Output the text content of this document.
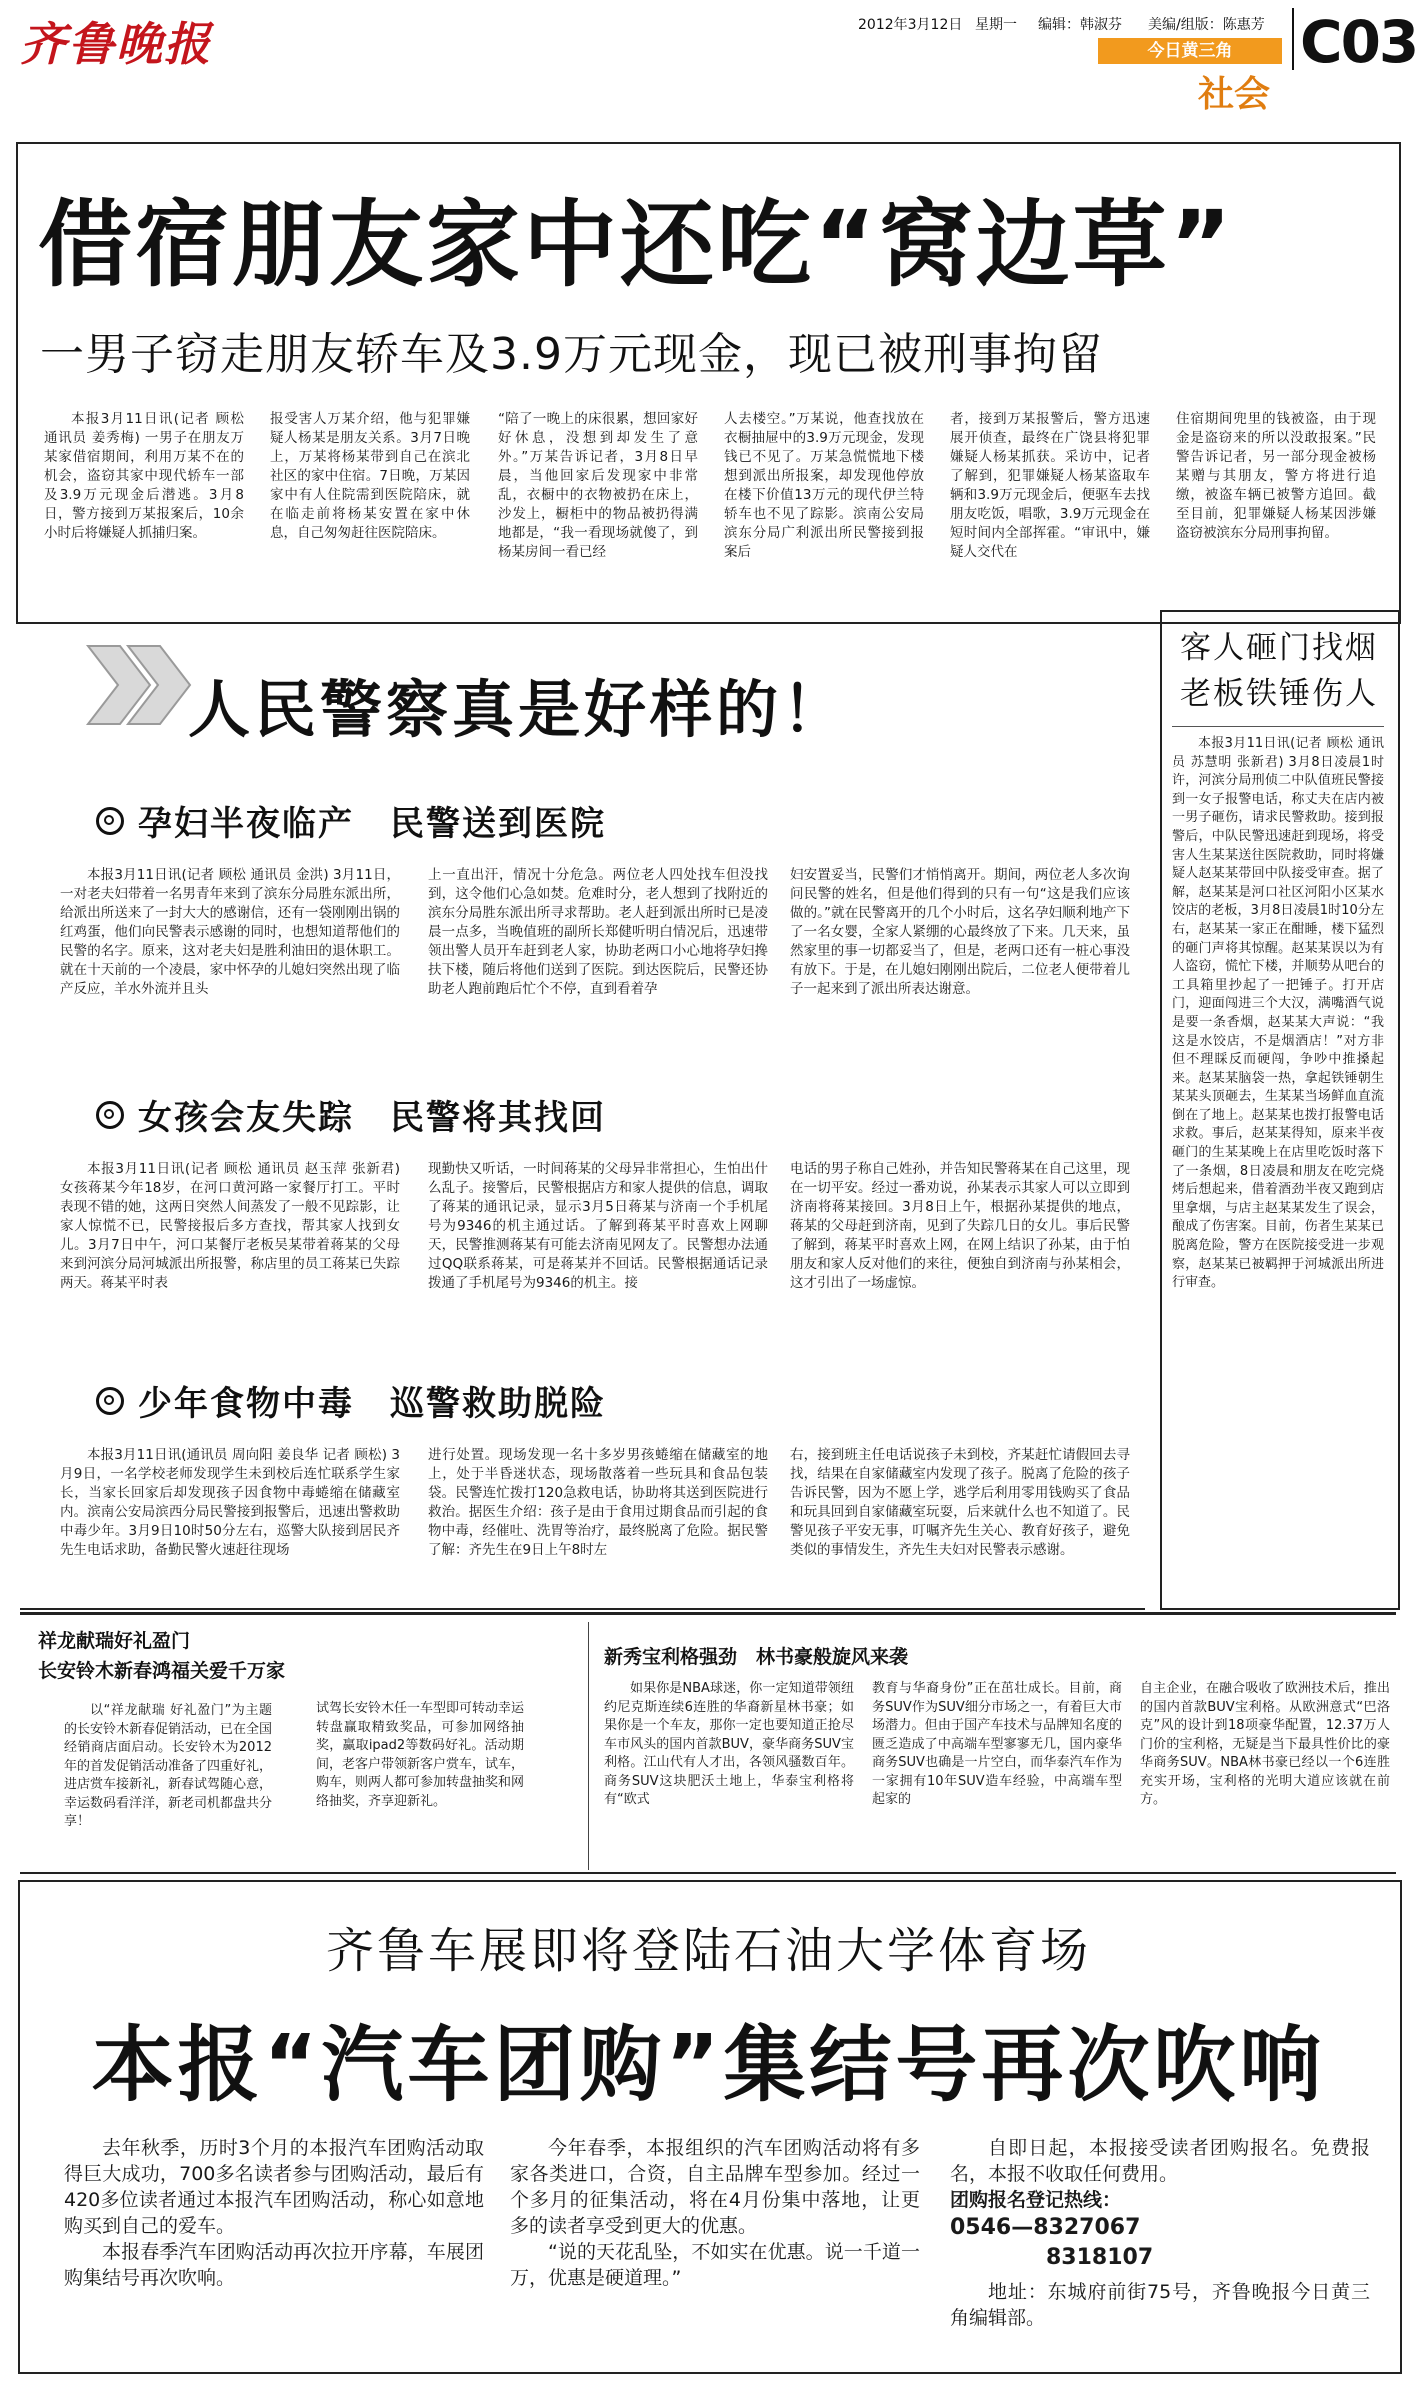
齐鲁晚报	2012年3月12日 星期一 编辑：韩淑芬 美编/组版：陈惠芳
今日黄三角
社会
C03
借宿朋友家中还吃“窝边草”
一男子窃走朋友轿车及3.9万元现金，现已被刑事拘留

本报3月11日讯(记者 顾松 通讯员 姜秀梅) 一男子在朋友万某家借宿期间，利用万某不在的机会，盗窃其家中现代轿车一部及3.9万元现金后潜逃。3月8日，警方接到万某报案后，10余小时后将嫌疑人抓捕归案。

报受害人万某介绍，他与犯罪嫌疑人杨某是朋友关系。3月7日晚上，万某将杨某带到自己在滨北社区的家中住宿。7日晚，万某因家中有人住院需到医院陪床，就在临走前将杨某安置在家中休息，自己匆匆赶往医院陪床。

“陪了一晚上的床很累，想回家好好休息，没想到却发生了意外。”万某告诉记者，3月8日早晨，当他回家后发现家中非常乱，衣橱中的衣物被扔在床上，沙发上，橱柜中的物品被扔得满地都是，“我一看现场就傻了，到杨某房间一看已经

人去楼空。”万某说，他查找放在衣橱抽屉中的3.9万元现金，发现钱已不见了。万某急慌慌地下楼想到派出所报案，却发现他停放在楼下价值13万元的现代伊兰特轿车也不见了踪影。滨南公安局滨东分局广利派出所民警接到报案后

者，接到万某报警后，警方迅速展开侦查，最终在广饶县将犯罪嫌疑人杨某抓获。采访中，记者了解到，犯罪嫌疑人杨某盗取车辆和3.9万元现金后，便驱车去找朋友吃饭，唱歌，3.9万元现金在短时间内全部挥霍。“审讯中，嫌疑人交代在

住宿期间兜里的钱被盗，由于现金是盗窃来的所以没敢报案。”民警告诉记者，另一部分现金被杨某赠与其朋友，警方将进行追缴，被盗车辆已被警方追回。截至目前，犯罪嫌疑人杨某因涉嫌盗窃被滨东分局刑事拘留。

人民警察真是好样的！
孕妇半夜临产　民警送到医院

本报3月11日讯(记者 顾松 通讯员 金洪) 3月11日，一对老夫妇带着一名男青年来到了滨东分局胜东派出所，给派出所送来了一封大大的感谢信，还有一袋刚刚出锅的红鸡蛋，他们向民警表示感谢的同时，也想知道帮他们的民警的名字。原来，这对老夫妇是胜利油田的退休职工。就在十天前的一个凌晨，家中怀孕的儿媳妇突然出现了临产反应，羊水外流并且头

上一直出汗，情况十分危急。两位老人四处找车但没找到，这令他们心急如焚。危难时分，老人想到了找附近的滨东分局胜东派出所寻求帮助。老人赶到派出所时已是凌晨一点多，当晚值班的副所长郑健听明白情况后，迅速带领出警人员开车赶到老人家，协助老两口小心地将孕妇搀扶下楼，随后将他们送到了医院。到达医院后，民警还协助老人跑前跑后忙个不停，直到看着孕

妇安置妥当，民警们才悄悄离开。期间，两位老人多次询问民警的姓名，但是他们得到的只有一句“这是我们应该做的。”就在民警离开的几个小时后，这名孕妇顺利地产下了一名女婴，全家人紧绷的心最终放了下来。几天来，虽然家里的事一切都妥当了，但是，老两口还有一桩心事没有放下。于是，在儿媳妇刚刚出院后，二位老人便带着儿子一起来到了派出所表达谢意。

女孩会友失踪　民警将其找回

本报3月11日讯(记者 顾松 通讯员 赵玉萍 张新君) 女孩蒋某今年18岁，在河口黄河路一家餐厅打工。平时表现不错的她，这两日突然人间蒸发了一般不见踪影，让家人惊慌不已，民警接报后多方查找，帮其家人找到女儿。3月7日中午，河口某餐厅老板吴某带着蒋某的父母来到河滨分局河城派出所报警，称店里的员工蒋某已失踪两天。蒋某平时表

现勤快又听话，一时间蒋某的父母异非常担心，生怕出什么乱子。接警后，民警根据店方和家人提供的信息，调取了蒋某的通讯记录，显示3月5日蒋某与济南一个手机尾号为9346的机主通过话。了解到蒋某平时喜欢上网聊天，民警推测蒋某有可能去济南见网友了。民警想办法通过QQ联系蒋某，可是蒋某并不回话。民警根据通话记录拨通了手机尾号为9346的机主。接

电话的男子称自己姓孙，并告知民警蒋某在自己这里，现在一切平安。经过一番劝说，孙某表示其家人可以立即到济南将蒋某接回。3月8日上午，根据孙某提供的地点，蒋某的父母赶到济南，见到了失踪几日的女儿。事后民警了解到，蒋某平时喜欢上网，在网上结识了孙某，由于怕朋友和家人反对他们的来往，便独自到济南与孙某相会，这才引出了一场虚惊。

少年食物中毒　巡警救助脱险

本报3月11日讯(通讯员 周向阳 姜良华 记者 顾松) 3月9日，一名学校老师发现学生未到校后连忙联系学生家长，当家长回家后却发现孩子因食物中毒蜷缩在储藏室内。滨南公安局滨西分局民警接到报警后，迅速出警救助中毒少年。3月9日10时50分左右，巡警大队接到居民齐先生电话求助，备勤民警火速赶往现场

进行处置。现场发现一名十多岁男孩蜷缩在储藏室的地上，处于半昏迷状态，现场散落着一些玩具和食品包装袋。民警连忙拨打120急救电话，协助将其送到医院进行救治。据医生介绍：孩子是由于食用过期食品而引起的食物中毒，经催吐、洗胃等治疗，最终脱离了危险。据民警了解：齐先生在9日上午8时左

右，接到班主任电话说孩子未到校，齐某赶忙请假回去寻找，结果在自家储藏室内发现了孩子。脱离了危险的孩子告诉民警，因为不愿上学，逃学后利用零用钱购买了食品和玩具回到自家储藏室玩耍，后来就什么也不知道了。民警见孩子平安无事，叮嘱齐先生关心、教育好孩子，避免类似的事情发生，齐先生夫妇对民警表示感谢。

客人砸门找烟
老板铁锤伤人

本报3月11日讯(记者 顾松 通讯员 苏慧明 张新君) 3月8日凌晨1时许，河滨分局刑侦二中队值班民警接到一女子报警电话，称丈夫在店内被一男子砸伤，请求民警救助。接到报警后，中队民警迅速赶到现场，将受害人生某某送往医院救助，同时将嫌疑人赵某某带回中队接受审查。据了解，赵某某是河口社区河阳小区某水饺店的老板，3月8日凌晨1时10分左右，赵某某一家正在酣睡，楼下猛烈的砸门声将其惊醒。赵某某误以为有人盗窃，慌忙下楼，并顺势从吧台的工具箱里抄起了一把锤子。打开店门，迎面闯进三个大汉，满嘴酒气说是要一条香烟，赵某某大声说：“我这是水饺店，不是烟酒店！”对方非但不理睬反而硬闯，争吵中推搡起来。赵某某脑袋一热，拿起铁锤朝生某某头顶砸去，生某某当场鲜血直流倒在了地上。赵某某也拨打报警电话求救。事后，赵某某得知，原来半夜砸门的生某某晚上在店里吃饭时落下了一条烟，8日凌晨和朋友在吃完烧烤后想起来，借着酒劲半夜又跑到店里拿烟，与店主赵某某发生了误会，酿成了伤害案。目前，伤者生某某已脱离危险，警方在医院接受进一步观察，赵某某已被羁押于河城派出所进行审查。

祥龙献瑞好礼盈门
长安铃木新春鸿福关爱千万家

以“祥龙献瑞 好礼盈门”为主题的长安铃木新春促销活动，已在全国经销商店面启动。长安铃木为2012年的首发促销活动准备了四重好礼，进店赏车接新礼，新春试驾随心意，幸运数码看洋洋，新老司机都盘共分享！

试驾长安铃木任一车型即可转动幸运转盘赢取精致奖品，可参加网络抽奖，赢取ipad2等数码好礼。活动期间，老客户带领新客户赏车，试车，购车，则两人都可参加转盘抽奖和网络抽奖，齐享迎新礼。

新秀宝利格强劲　林书豪般旋风来袭

如果你是NBA球迷，你一定知道带领纽约尼克斯连续6连胜的华裔新星林书豪；如果你是一个车友，那你一定也要知道正抢尽车市风头的国内首款BUV，豪华商务SUV宝利格。江山代有人才出，各领风骚数百年。商务SUV这块肥沃土地上，华泰宝利格将有“欧式

教育与华裔身份”正在茁壮成长。目前，商务SUV作为SUV细分市场之一，有着巨大市场潜力。但由于国产车技术与品牌知名度的匮乏造成了中高端车型寥寥无几，国内豪华商务SUV也确是一片空白，而华泰汽车作为一家拥有10年SUV造车经验，中高端车型起家的

自主企业，在融合吸收了欧洲技术后，推出的国内首款BUV宝利格。从欧洲意式“巴洛克”风的设计到18项豪华配置，12.37万人门价的宝利格，无疑是当下最具性价比的豪华商务SUV。NBA林书豪已经以一个6连胜充实开场，宝利格的光明大道应该就在前方。

齐鲁车展即将登陆石油大学体育场
本报“汽车团购”集结号再次吹响

去年秋季，历时3个月的本报汽车团购活动取得巨大成功，700多名读者参与团购活动，最后有420多位读者通过本报汽车团购活动，称心如意地购买到自己的爱车。

本报春季汽车团购活动再次拉开序幕，车展团购集结号再次吹响。

今年春季，本报组织的汽车团购活动将有多家各类进口，合资，自主品牌车型参加。经过一个多月的征集活动，将在4月份集中落地，让更多的读者享受到更大的优惠。

“说的天花乱坠，不如实在优惠。说一千道一万，优惠是硬道理。”

自即日起，本报接受读者团购报名。免费报名，本报不收取任何费用。

团购报名登记热线：
0546—8327067
8318107

地址：东城府前街75号，齐鲁晚报今日黄三角编辑部。
